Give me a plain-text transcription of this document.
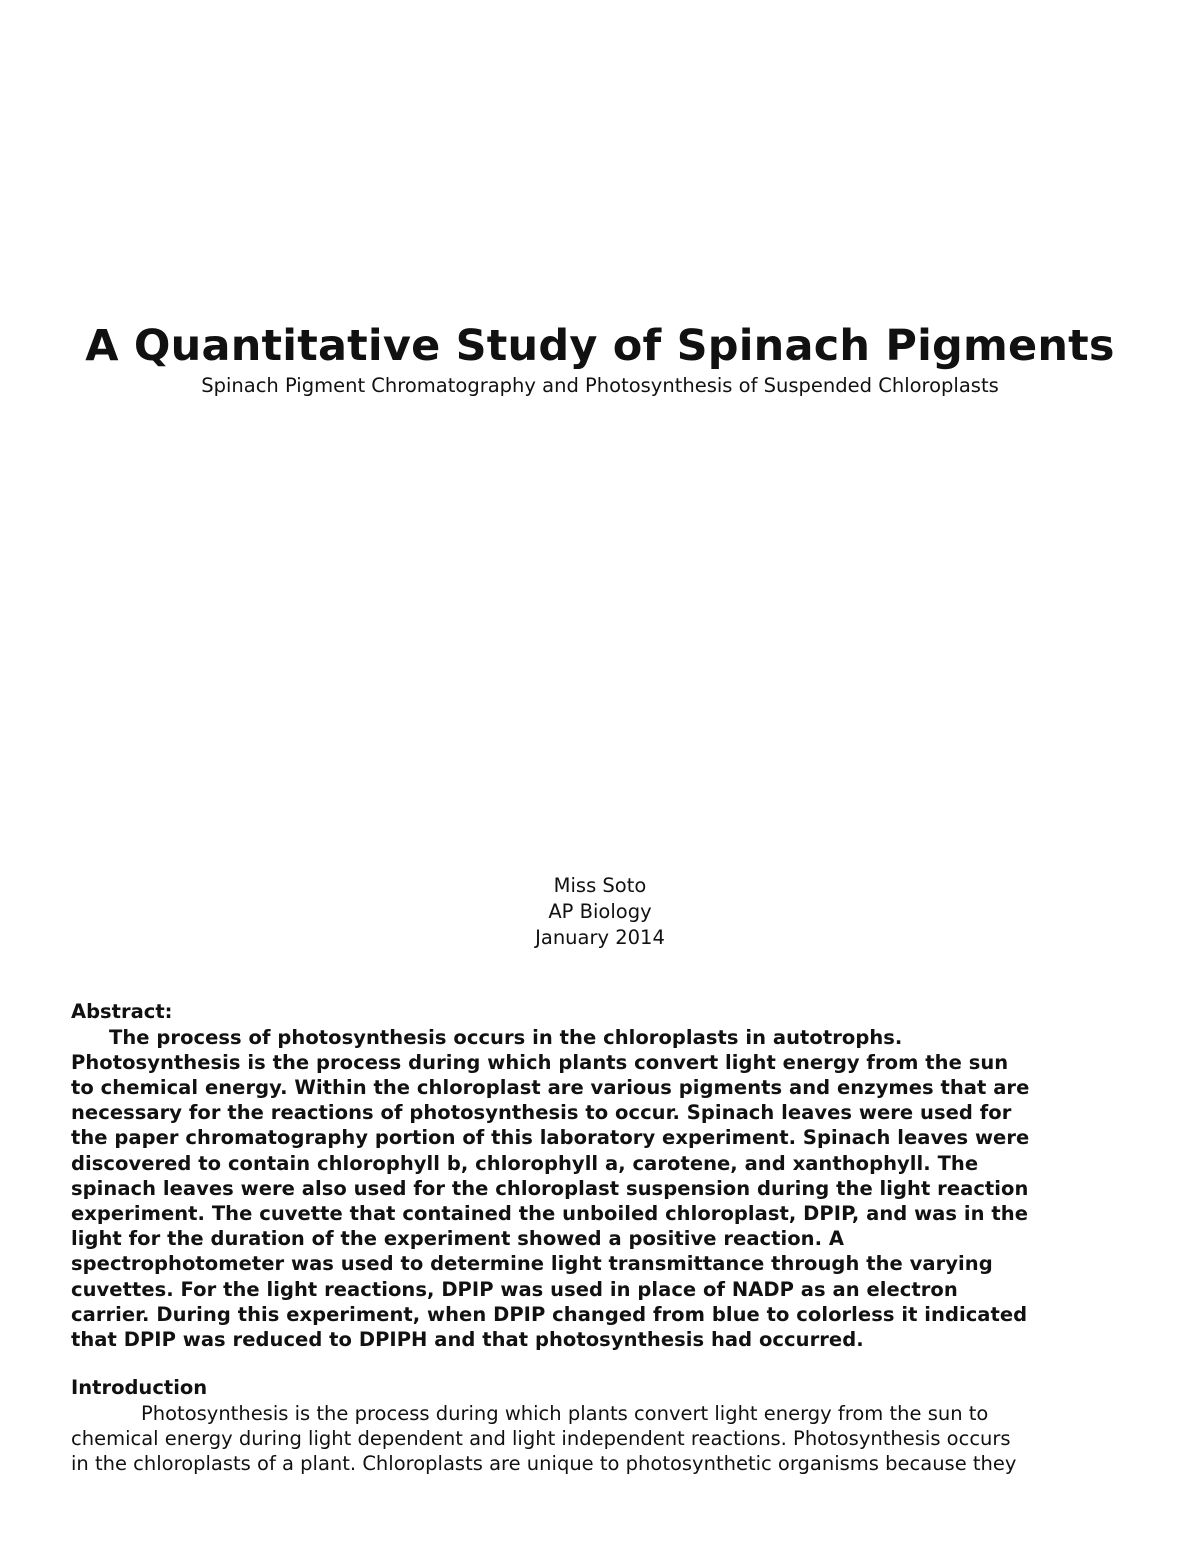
A Quantitative Study of Spinach Pigments
Spinach Pigment Chromatography and Photosynthesis of Suspended Chloroplasts
Miss Soto
AP Biology
January 2014
Abstract:
The process of photosynthesis occurs in the chloroplasts in autotrophs.
Photosynthesis is the process during which plants convert light energy from the sun
to chemical energy. Within the chloroplast are various pigments and enzymes that are
necessary for the reactions of photosynthesis to occur. Spinach leaves were used for
the paper chromatography portion of this laboratory experiment. Spinach leaves were
discovered to contain chlorophyll b, chlorophyll a, carotene, and xanthophyll. The
spinach leaves were also used for the chloroplast suspension during the light reaction
experiment. The cuvette that contained the unboiled chloroplast, DPIP, and was in the
light for the duration of the experiment showed a positive reaction. A
spectrophotometer was used to determine light transmittance through the varying
cuvettes. For the light reactions, DPIP was used in place of NADP as an electron
carrier. During this experiment, when DPIP changed from blue to colorless it indicated
that DPIP was reduced to DPIPH and that photosynthesis had occurred.
Introduction
Photosynthesis is the process during which plants convert light energy from the sun to
chemical energy during light dependent and light independent reactions. Photosynthesis occurs
in the chloroplasts of a plant. Chloroplasts are unique to photosynthetic organisms because they
